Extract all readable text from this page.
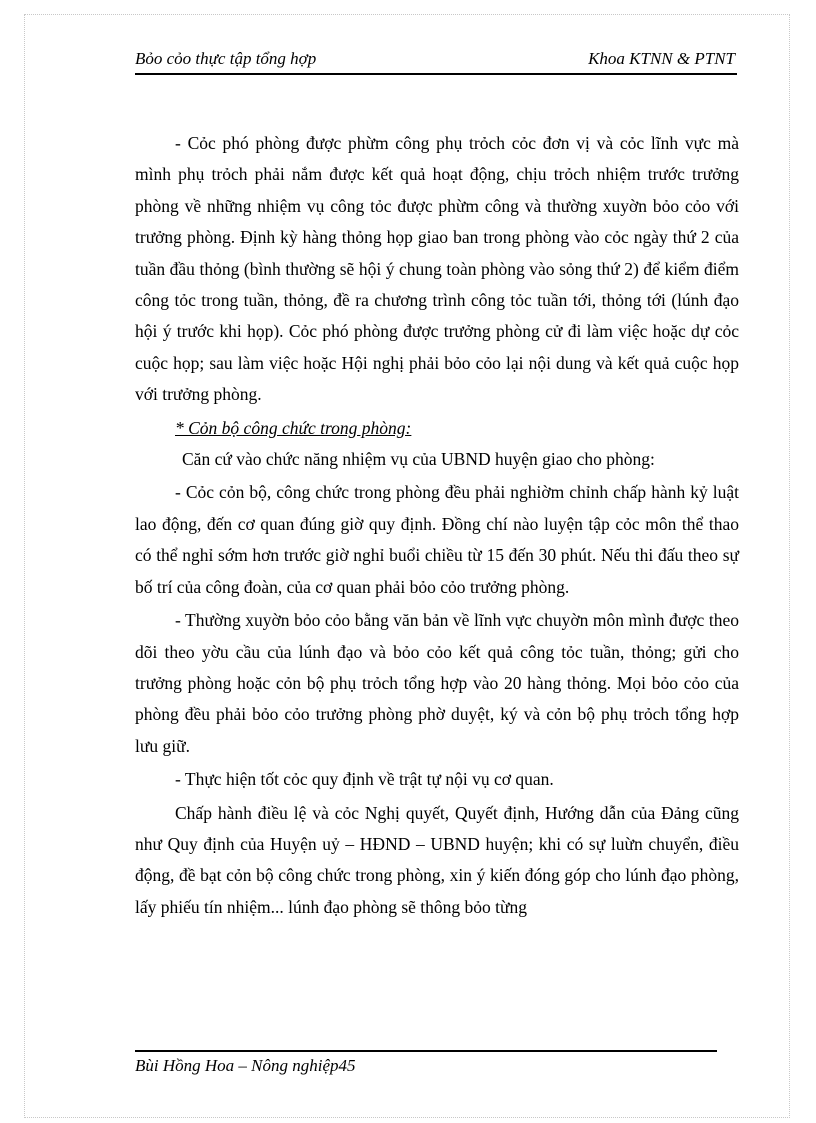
Bỏo cỏo thực tập tổng hợp	Khoa KTNN & PTNT

- Cỏc phó phòng được phừm công phụ trỏch cỏc đơn vị và cỏc lĩnh vực mà mình phụ trỏch phải nắm được kết quả hoạt động, chịu trỏch nhiệm trước trưởng phòng về những nhiệm vụ công tỏc được phừm công và thường xuyờn bỏo cỏo với trưởng phòng. Định kỳ hàng thỏng họp giao ban trong phòng vào cỏc ngày thứ 2 của tuần đầu thỏng (bình thường sẽ hội ý chung toàn phòng vào sỏng thứ 2) để kiểm điểm công tỏc trong tuần, thỏng, đề ra chương trình công tỏc tuần tới, thỏng tới (lúnh đạo hội ý trước khi họp). Cỏc phó phòng được trưởng phòng cử đi làm việc hoặc dự cỏc cuộc họp; sau làm việc hoặc Hội nghị phải bỏo cỏo lại nội dung và kết quả cuộc họp với trưởng phòng.

* Cỏn bộ công chức trong phòng:

Căn cứ vào chức năng nhiệm vụ của UBND huyện giao cho phòng:

- Cỏc cỏn bộ, công chức trong phòng đều phải nghiờm chỉnh chấp hành kỷ luật lao động, đến cơ quan đúng giờ quy định. Đồng chí nào luyện tập cỏc môn thể thao có thể nghỉ sớm hơn trước giờ nghỉ buổi chiều từ 15 đến 30 phút. Nếu thi đấu theo sự bố trí của công đoàn, của cơ quan phải bỏo cỏo trưởng phòng.

- Thường xuyờn bỏo cỏo bằng văn bản về lĩnh vực chuyờn môn mình được theo dõi theo yờu cầu của lúnh đạo và bỏo cỏo kết quả công tỏc tuần, thỏng; gửi cho trưởng phòng hoặc cỏn bộ phụ trỏch tổng hợp vào 20 hàng thỏng. Mọi bỏo cỏo của phòng đều phải bỏo cỏo trưởng phòng phờ duyệt, ký và cỏn bộ phụ trỏch tổng hợp lưu giữ.

- Thực hiện tốt cỏc quy định về trật tự nội vụ cơ quan.

Chấp hành điều lệ và cỏc Nghị quyết, Quyết định, Hướng dẫn của Đảng cũng như Quy định của Huyện uỷ – HĐND – UBND huyện; khi có sự luừn chuyển, điều động, đề bạt cỏn bộ công chức trong phòng, xin ý kiến đóng góp cho lúnh đạo phòng, lấy phiếu tín nhiệm... lúnh đạo phòng sẽ thông bỏo từng

Bùi Hồng Hoa – Nông nghiệp45
